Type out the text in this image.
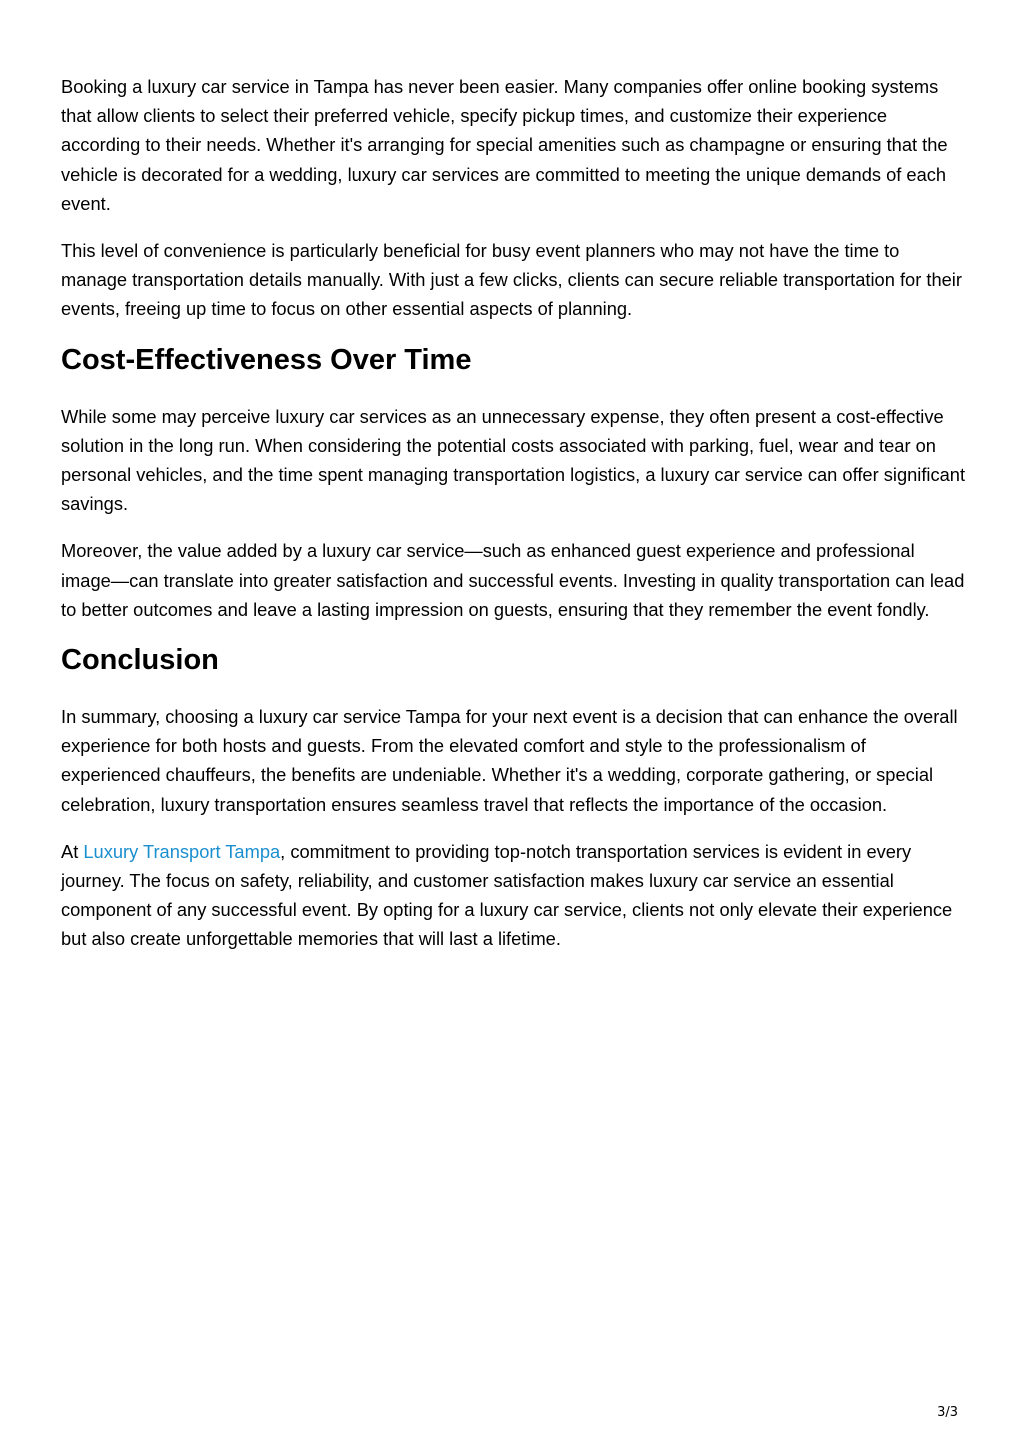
Booking a luxury car service in Tampa has never been easier. Many companies offer online booking systems that allow clients to select their preferred vehicle, specify pickup times, and customize their experience according to their needs. Whether it's arranging for special amenities such as champagne or ensuring that the vehicle is decorated for a wedding, luxury car services are committed to meeting the unique demands of each event.

This level of convenience is particularly beneficial for busy event planners who may not have the time to manage transportation details manually. With just a few clicks, clients can secure reliable transportation for their events, freeing up time to focus on other essential aspects of planning.

Cost-Effectiveness Over Time

While some may perceive luxury car services as an unnecessary expense, they often present a cost-effective solution in the long run. When considering the potential costs associated with parking, fuel, wear and tear on personal vehicles, and the time spent managing transportation logistics, a luxury car service can offer significant savings.

Moreover, the value added by a luxury car service—such as enhanced guest experience and professional image—can translate into greater satisfaction and successful events. Investing in quality transportation can lead to better outcomes and leave a lasting impression on guests, ensuring that they remember the event fondly.

Conclusion

In summary, choosing a luxury car service Tampa for your next event is a decision that can enhance the overall experience for both hosts and guests. From the elevated comfort and style to the professionalism of experienced chauffeurs, the benefits are undeniable. Whether it's a wedding, corporate gathering, or special celebration, luxury transportation ensures seamless travel that reflects the importance of the occasion.

At Luxury Transport Tampa, commitment to providing top-notch transportation services is evident in every journey. The focus on safety, reliability, and customer satisfaction makes luxury car service an essential component of any successful event. By opting for a luxury car service, clients not only elevate their experience but also create unforgettable memories that will last a lifetime.

3/3
